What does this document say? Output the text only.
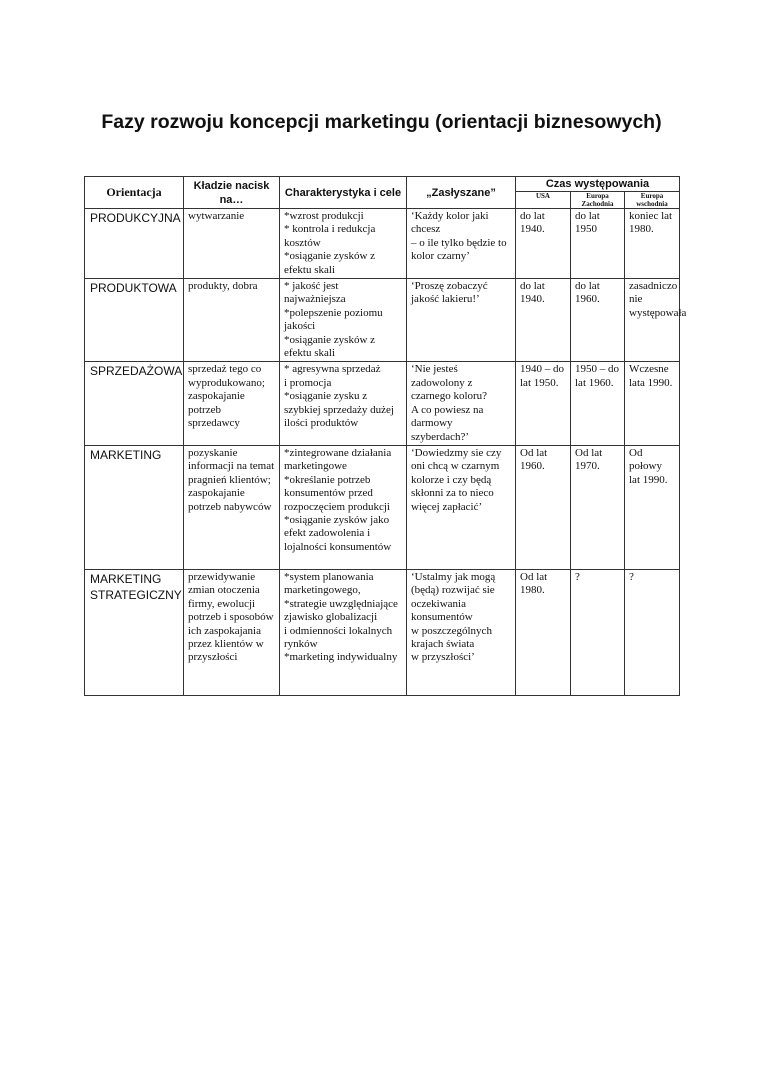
Fazy rozwoju koncepcji marketingu (orientacji biznesowych)
Orientacja	Kładzie nacisk na…	Charakterystyka i cele	„Zasłyszane”	Czas występowania		
				USA	Europa Zachodnia	Europa wschodnia
PRODUKCYJNA	wytwarzanie	*wzrost produkcji
* kontrola i redukcja kosztów
*osiąganie zysków z efektu skali	‘Każdy kolor jaki chcesz
– o ile tylko będzie to kolor czarny’	do lat 1940.	do lat 1950	koniec lat 1980.
PRODUKTOWA	produkty, dobra	* jakość jest najważniejsza
*polepszenie poziomu jakości
*osiąganie zysków z efektu skali	‘Proszę zobaczyć jakość lakieru!’	do lat 1940.	do lat 1960.	zasadniczo nie występowała
SPRZEDAŻOWA	sprzedaż tego co wyprodukowano; zaspokajanie potrzeb sprzedawcy	* agresywna sprzedaż
i promocja
*osiąganie zysku z szybkiej sprzedaży dużej ilości produktów	‘Nie jesteś zadowolony z czarnego koloru?
A co powiesz na darmowy szyberdach?’	1940 – do lat 1950.	1950 – do lat 1960.	Wczesne lata 1990.
MARKETING	pozyskanie informacji na temat pragnień klientów; zaspokajanie potrzeb nabywców	*zintegrowane działania marketingowe
*określanie potrzeb konsumentów przed rozpoczęciem produkcji
*osiąganie zysków jako efekt zadowolenia i lojalności konsumentów	‘Dowiedzmy sie czy oni chcą w czarnym kolorze i czy będą skłonni za to nieco więcej zapłacić’	Od lat 1960.	Od lat 1970.	Od połowy lat 1990.
MARKETING STRATEGICZNY	przewidywanie zmian otoczenia firmy, ewolucji potrzeb i sposobów ich zaspokajania przez klientów w przyszłości	*system planowania marketingowego,
*strategie uwzględniające zjawisko globalizacji
i odmienności lokalnych rynków
*marketing indywidualny	‘Ustalmy jak mogą (będą) rozwijać sie oczekiwania konsumentów
w poszczególnych krajach świata
w przyszłości’	Od lat 1980.	?	?
